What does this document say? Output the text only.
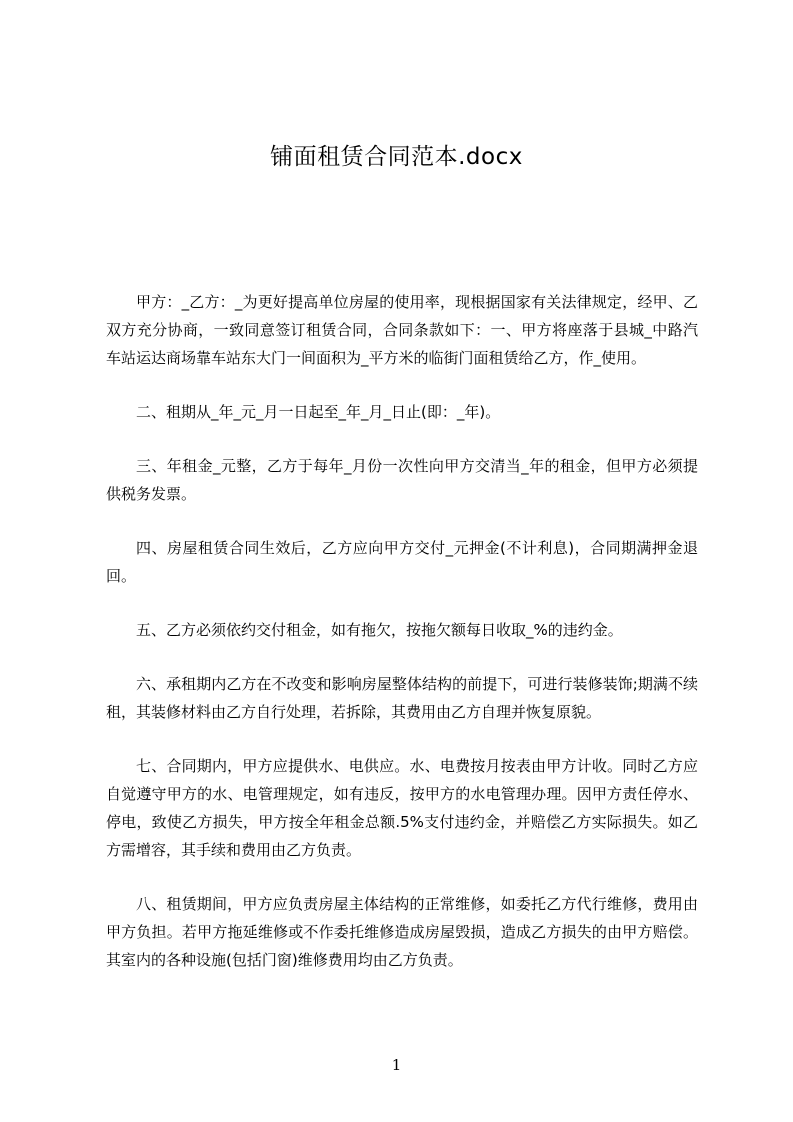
铺面租赁合同范本.docx

甲方：_乙方：_为更好提高单位房屋的使用率，现根据国家有关法律规定，经甲、乙双方充分协商，一致同意签订租赁合同，合同条款如下：一、甲方将座落于县城_中路汽车站运达商场靠车站东大门一间面积为_平方米的临街门面租赁给乙方，作_使用。

二、租期从_年_元_月一日起至_年_月_日止(即：_年)。

三、年租金_元整，乙方于每年_月份一次性向甲方交清当_年的租金，但甲方必须提供税务发票。

四、房屋租赁合同生效后，乙方应向甲方交付_元押金(不计利息)，合同期满押金退回。

五、乙方必须依约交付租金，如有拖欠，按拖欠额每日收取_%的违约金。

六、承租期内乙方在不改变和影响房屋整体结构的前提下，可进行装修装饰;期满不续租，其装修材料由乙方自行处理，若拆除，其费用由乙方自理并恢复原貌。

七、合同期内，甲方应提供水、电供应。水、电费按月按表由甲方计收。同时乙方应自觉遵守甲方的水、电管理规定，如有违反，按甲方的水电管理办理。因甲方责任停水、停电，致使乙方损失，甲方按全年租金总额.5%支付违约金，并赔偿乙方实际损失。如乙方需增容，其手续和费用由乙方负责。

八、租赁期间，甲方应负责房屋主体结构的正常维修，如委托乙方代行维修，费用由甲方负担。若甲方拖延维修或不作委托维修造成房屋毁损，造成乙方损失的由甲方赔偿。其室内的各种设施(包括门窗)维修费用均由乙方负责。

1
